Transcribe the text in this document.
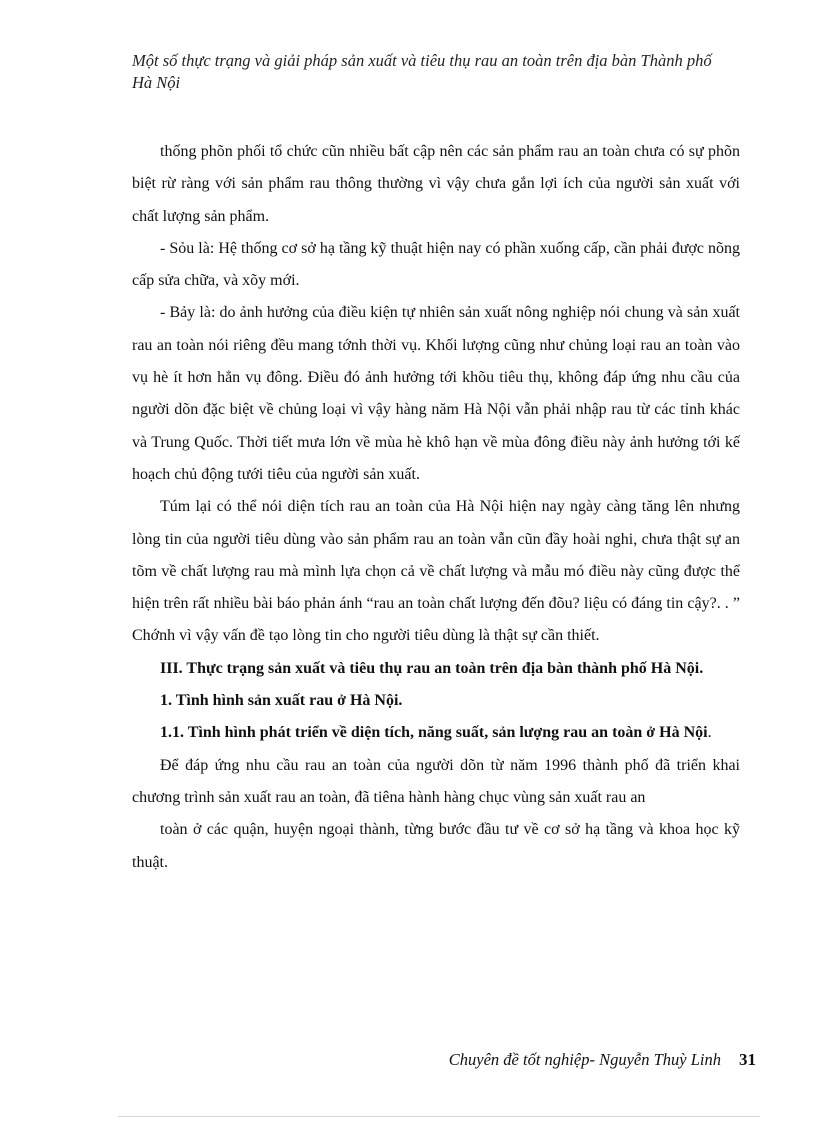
Một số thực trạng và giải pháp sản xuất và tiêu thụ rau an toàn trên địa bàn Thành phố Hà Nội

thống phõn phối tổ chức cũn nhiều bất cập nên các sản phẩm rau an toàn chưa có sự phõn biệt rừ ràng với sản phẩm rau thông thường vì vậy chưa gắn lợi ích của người sản xuất với chất lượng sản phẩm.

- Sỏu là: Hệ thống cơ sở hạ tầng kỹ thuật hiện nay có phần xuống cấp, cần phải được nõng cấp sửa chữa, và xõy mới.

- Bảy là: do ảnh hưởng của điều kiện tự nhiên sản xuất nông nghiệp nói chung và sản xuất rau an toàn nói riêng đều mang tớnh thời vụ. Khối lượng cũng như chủng loại rau an toàn vào vụ hè ít hơn hẳn vụ đông. Điều đó ảnh hưởng tới khõu tiêu thụ, không đáp ứng nhu cầu của người dõn đặc biệt về chủng loại vì vậy hàng năm Hà Nội vẫn phải nhập rau từ các tỉnh khác và Trung Quốc. Thời tiết mưa lớn về mùa hè khô hạn về mùa đông điều này ảnh hưởng tới kế hoạch chủ động tưới tiêu của người sản xuất.

Túm lại có thể nói diện tích rau an toàn của Hà Nội hiện nay ngày càng tăng lên nhưng lòng tin của người tiêu dùng vào sản phẩm rau an toàn vẫn cũn đầy hoài nghi, chưa thật sự an tõm về chất lượng rau mà mình lựa chọn cả về chất lượng và mẫu mó điều này cũng được thể hiện trên rất nhiều bài báo phản ánh “rau an toàn chất lượng đến đõu? liệu có đáng tin cậy?. . ” Chớnh vì vậy vấn đề tạo lòng tin cho người tiêu dùng là thật sự cần thiết.

III. Thực trạng sản xuất và tiêu thụ rau an toàn trên địa bàn thành phố Hà Nội.

1. Tình hình sản xuất rau ở Hà Nội.

1.1. Tình hình phát triển về diện tích, năng suất, sản lượng rau an toàn ở Hà Nội.

Để đáp ứng nhu cầu rau an toàn của người dõn từ năm 1996 thành phố đã triển khai chương trình sản xuất rau an toàn, đã tiêna hành hàng chục vùng sản xuất rau an

toàn ở các quận, huyện ngoại thành, từng bước đầu tư về cơ sở hạ tầng và khoa học kỹ thuật.

Chuyên đề tốt nghiệp- Nguyễn Thuỳ Linh 31
